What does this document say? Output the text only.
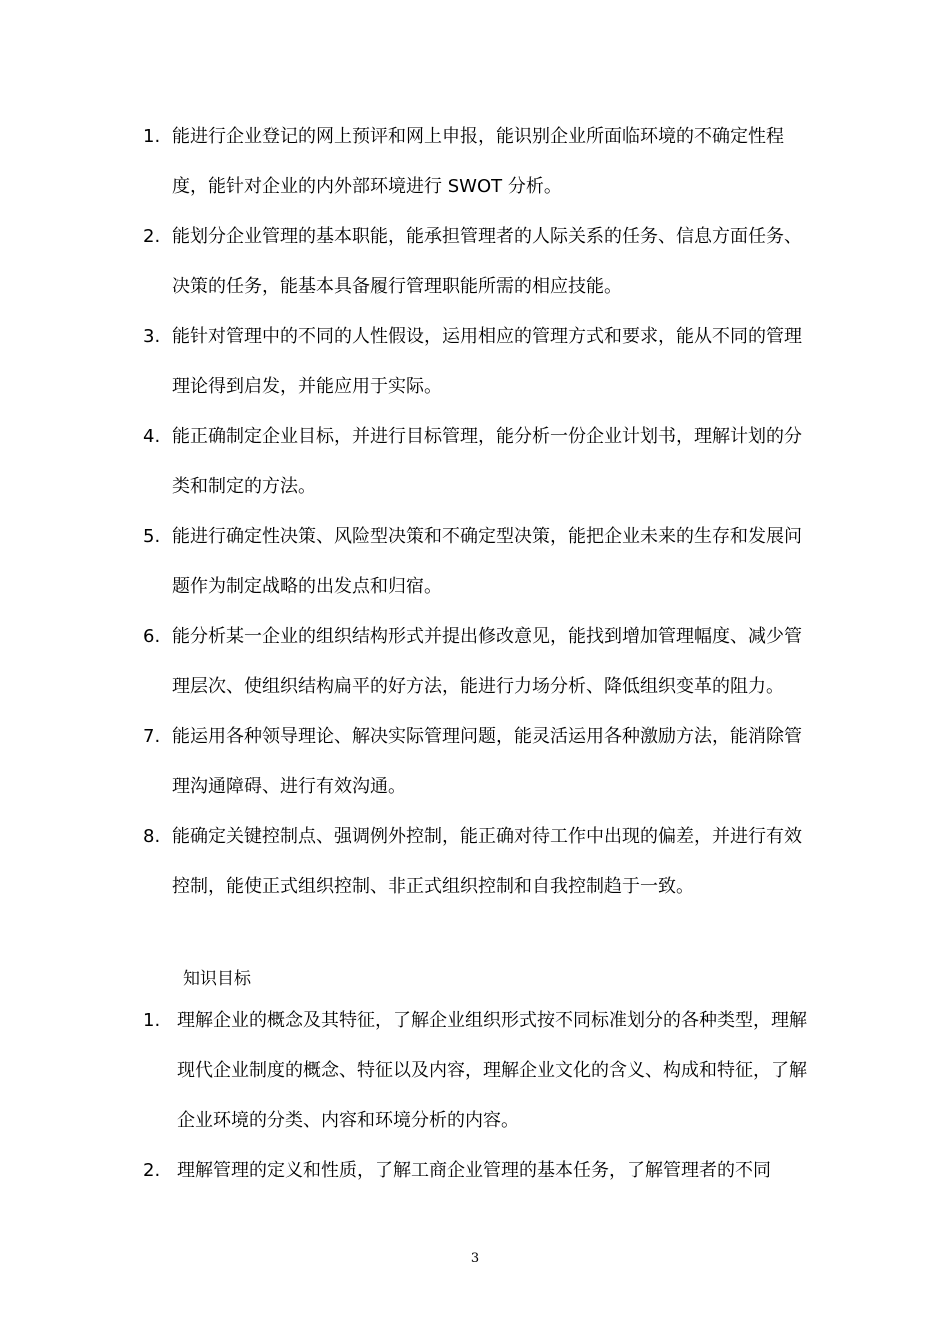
1. 能进行企业登记的网上预评和网上申报，能识别企业所面临环境的不确定性程度，能针对企业的内外部环境进行 SWOT 分析。
2. 能划分企业管理的基本职能，能承担管理者的人际关系的任务、信息方面任务、决策的任务，能基本具备履行管理职能所需的相应技能。
3. 能针对管理中的不同的人性假设，运用相应的管理方式和要求，能从不同的管理理论得到启发，并能应用于实际。
4. 能正确制定企业目标，并进行目标管理，能分析一份企业计划书，理解计划的分类和制定的方法。
5. 能进行确定性决策、风险型决策和不确定型决策，能把企业未来的生存和发展问题作为制定战略的出发点和归宿。
6. 能分析某一企业的组织结构形式并提出修改意见，能找到增加管理幅度、减少管理层次、使组织结构扁平的好方法，能进行力场分析、降低组织变革的阻力。
7. 能运用各种领导理论、解决实际管理问题，能灵活运用各种激励方法，能消除管理沟通障碍、进行有效沟通。
8. 能确定关键控制点、强调例外控制，能正确对待工作中出现的偏差，并进行有效控制，能使正式组织控制、非正式组织控制和自我控制趋于一致。
知识目标
1. 理解企业的概念及其特征，了解企业组织形式按不同标准划分的各种类型，理解现代企业制度的概念、特征以及内容，理解企业文化的含义、构成和特征，了解企业环境的分类、内容和环境分析的内容。
2. 理解管理的定义和性质，了解工商企业管理的基本任务，了解管理者的不同
3
